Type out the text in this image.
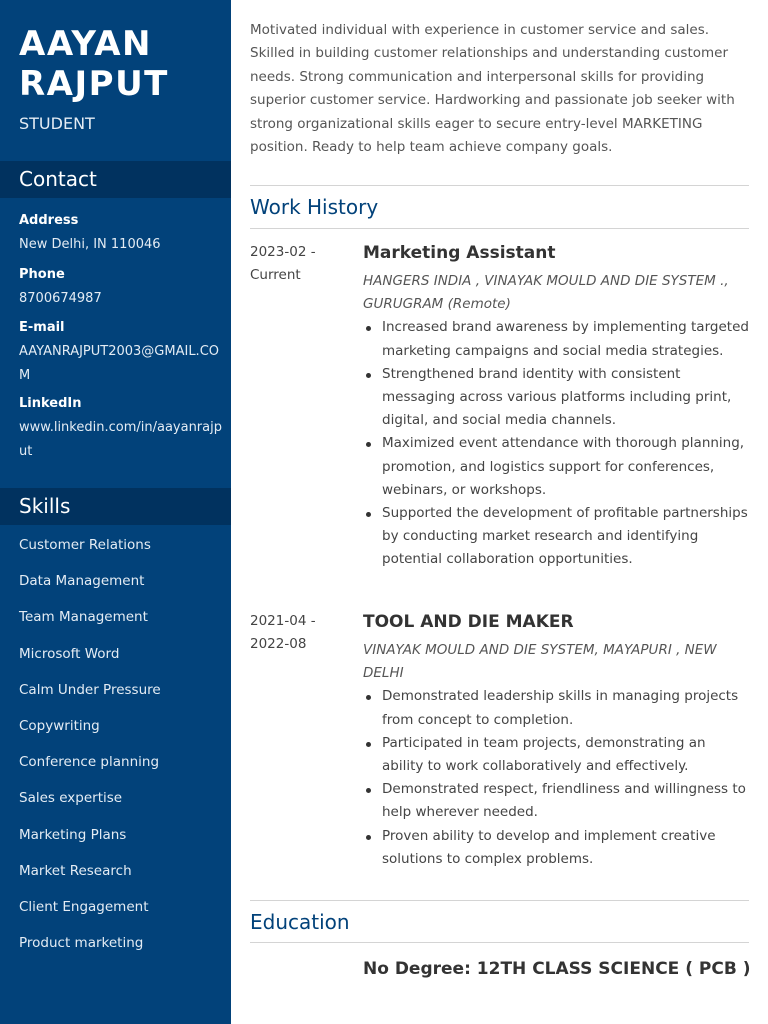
AAYAN
RAJPUT
STUDENT
Contact
Address
New Delhi, IN 110046
Phone
8700674987
E-mail
AAYANRAJPUT2003@GMAIL.COM
LinkedIn
www.linkedin.com/in/aayanrajput
Skills
Customer Relations
Data Management
Team Management
Microsoft Word
Calm Under Pressure
Copywriting
Conference planning
Sales expertise
Marketing Plans
Market Research
Client Engagement
Product marketing

Motivated individual with experience in customer service and sales. Skilled in building customer relationships and understanding customer needs. Strong communication and interpersonal skills for providing superior customer service. Hardworking and passionate job seeker with strong organizational skills eager to secure entry-level MARKETING position. Ready to help team achieve company goals.

Work History
2023-02 -
Current
Marketing Assistant
HANGERS INDIA , VINAYAK MOULD AND DIE SYSTEM ., GURUGRAM (Remote)
Increased brand awareness by implementing targeted marketing campaigns and social media strategies.
Strengthened brand identity with consistent messaging across various platforms including print, digital, and social media channels.
Maximized event attendance with thorough planning, promotion, and logistics support for conferences, webinars, or workshops.
Supported the development of profitable partnerships by conducting market research and identifying potential collaboration opportunities.
2021-04 -
2022-08
TOOL AND DIE MAKER
VINAYAK MOULD AND DIE SYSTEM, MAYAPURI , NEW DELHI
Demonstrated leadership skills in managing projects from concept to completion.
Participated in team projects, demonstrating an ability to work collaboratively and effectively.
Demonstrated respect, friendliness and willingness to help wherever needed.
Proven ability to develop and implement creative solutions to complex problems.
Education
No Degree: 12TH CLASS SCIENCE ( PCB )
